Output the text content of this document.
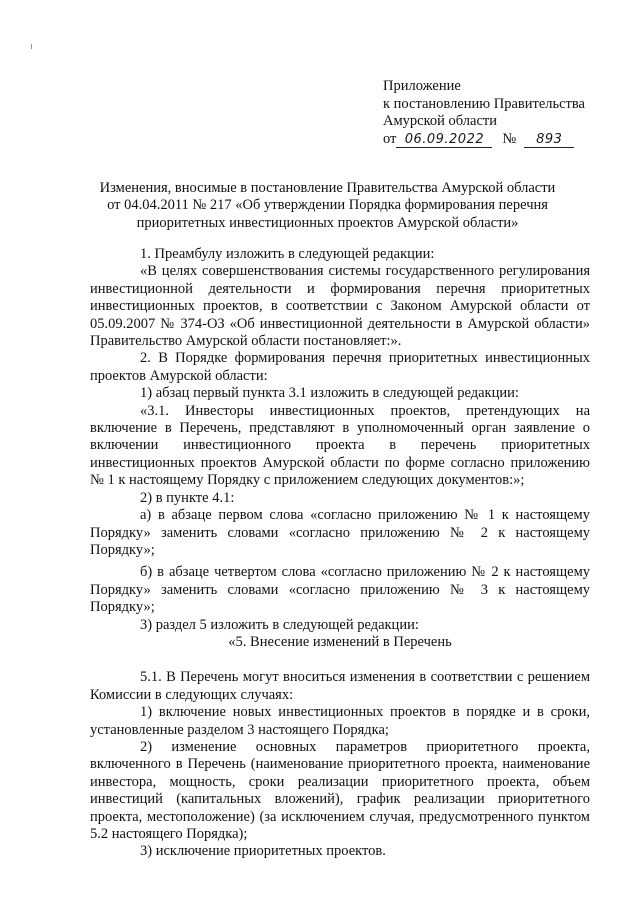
Приложение
к постановлению Правительства
Амурской области
от 06.09.2022 № 893
Изменения, вносимые в постановление Правительства Амурской области
от 04.04.2011 № 217 «Об утверждении Порядка формирования перечня
приоритетных инвестиционных проектов Амурской области»

1. Преамбулу изложить в следующей редакции:

«В целях совершенствования системы государственного регулирования инвестиционной деятельности и формирования перечня приоритетных инвестиционных проектов, в соответствии с Законом Амурской области от 05.09.2007 № 374-ОЗ «Об инвестиционной деятельности в Амурской области» Правительство Амурской области постановляет:».

2. В Порядке формирования перечня приоритетных инвестиционных проектов Амурской области:

1) абзац первый пункта 3.1 изложить в следующей редакции:

«3.1. Инвесторы инвестиционных проектов, претендующих на включение в Перечень, представляют в уполномоченный орган заявление о включении инвестиционного проекта в перечень приоритетных инвестиционных проектов Амурской области по форме согласно приложению № 1 к настоящему Порядку с приложением следующих документов:»;

2) в пункте 4.1:

а) в абзаце первом слова «согласно приложению № 1 к настоящему Порядку» заменить словами «согласно приложению № 2 к настоящему Порядку»;

б) в абзаце четвертом слова «согласно приложению № 2 к настоящему Порядку» заменить словами «согласно приложению № 3 к настоящему Порядку»;

3) раздел 5 изложить в следующей редакции:

«5. Внесение изменений в Перечень

5.1. В Перечень могут вноситься изменения в соответствии с решением Комиссии в следующих случаях:

1) включение новых инвестиционных проектов в порядке и в сроки, установленные разделом 3 настоящего Порядка;

2) изменение основных параметров приоритетного проекта, включенного в Перечень (наименование приоритетного проекта, наименование инвестора, мощность, сроки реализации приоритетного проекта, объем инвестиций (капитальных вложений), график реализации приоритетного проекта, местоположение) (за исключением случая, предусмотренного пунктом 5.2 настоящего Порядка);

3) исключение приоритетных проектов.
